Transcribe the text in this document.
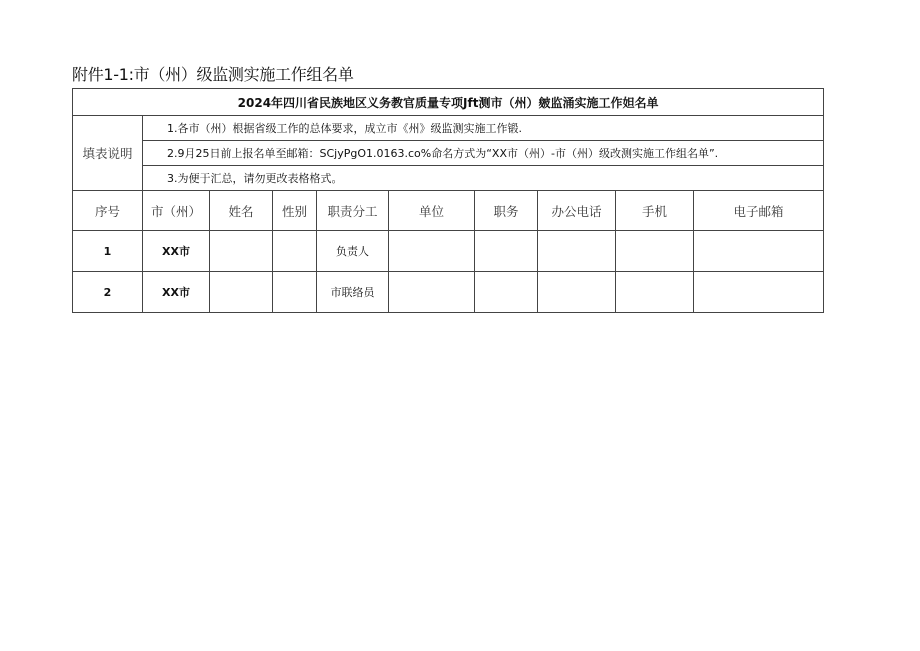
附件1-1:市（州）级监测实施工作组名单
2024年四川省民族地区义务教官质量专项Jft测市（州）皴监涌实施工作妲名单									
填表说明	1.各市（州）根据省级工作的总体要求，成立市《州》级监测实施工作锻.								
	2.9月25日前上报名单至邮箱：SCjyPgO1.0163.co%命名方式为“XX市（州）-市（州）级改测实施工作组名单”.								
	3.为便于汇总，请勿更改表格格式。								
序号	市（州）	姓名	性别	职责分工	单位	职务	办公电话	手机	电子邮箱
1	XX市			负责人					
2	XX市			市联络员					
